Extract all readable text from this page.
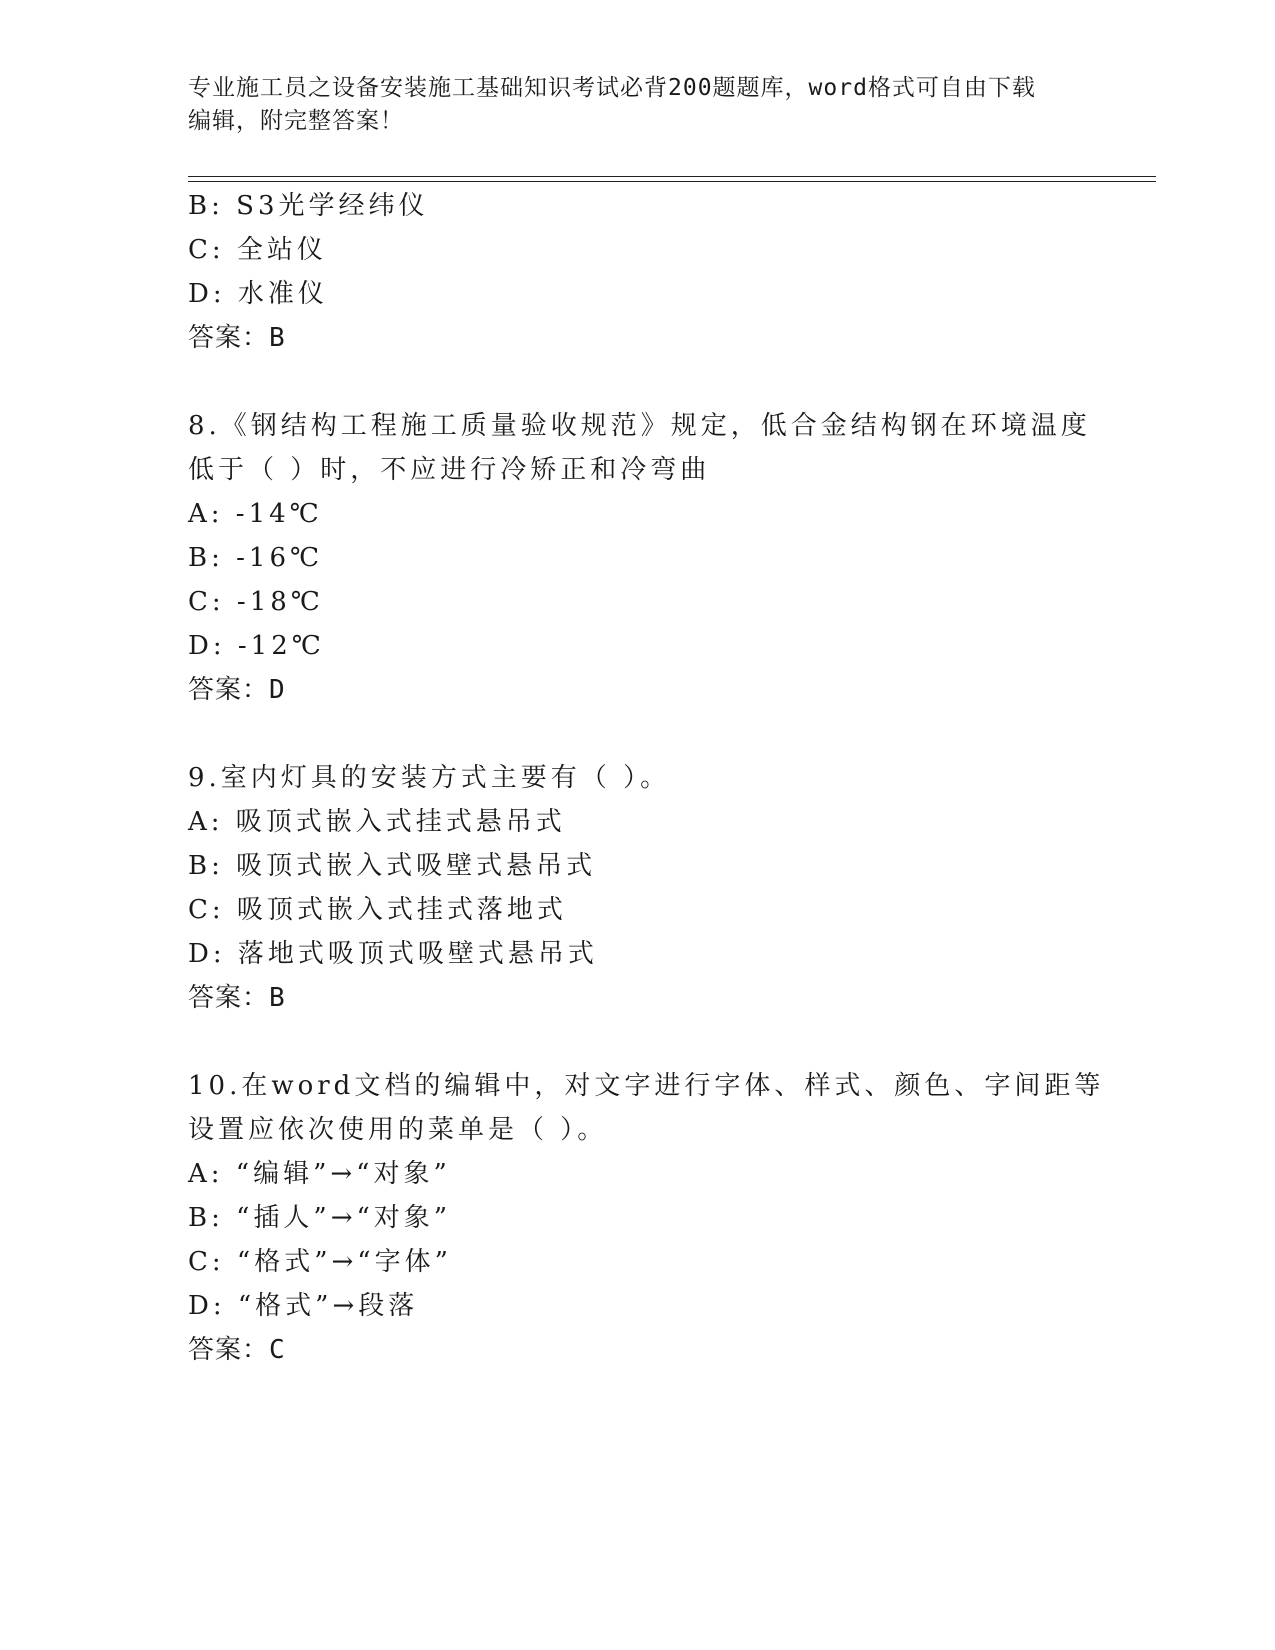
专业施工员之设备安装施工基础知识考试必背200题题库，word格式可自由下载
编辑，附完整答案！
B: S3光学经纬仪
C: 全站仪
D: 水准仪
答案：B
8.《钢结构工程施工质量验收规范》规定，低合金结构钢在环境温度
低于（ ）时，不应进行冷矫正和冷弯曲
A: -14℃
B: -16℃
C: -18℃
D: -12℃
答案：D
9.室内灯具的安装方式主要有（ ）。
A: 吸顶式嵌入式挂式悬吊式
B: 吸顶式嵌入式吸壁式悬吊式
C: 吸顶式嵌入式挂式落地式
D: 落地式吸顶式吸壁式悬吊式
答案：B
10.在word文档的编辑中，对文字进行字体、样式、颜色、字间距等
设置应依次使用的菜单是（ ）。
A: “编辑”→“对象”
B: “插人”→“对象”
C: “格式”→“字体”
D: “格式”→段落
答案：C
